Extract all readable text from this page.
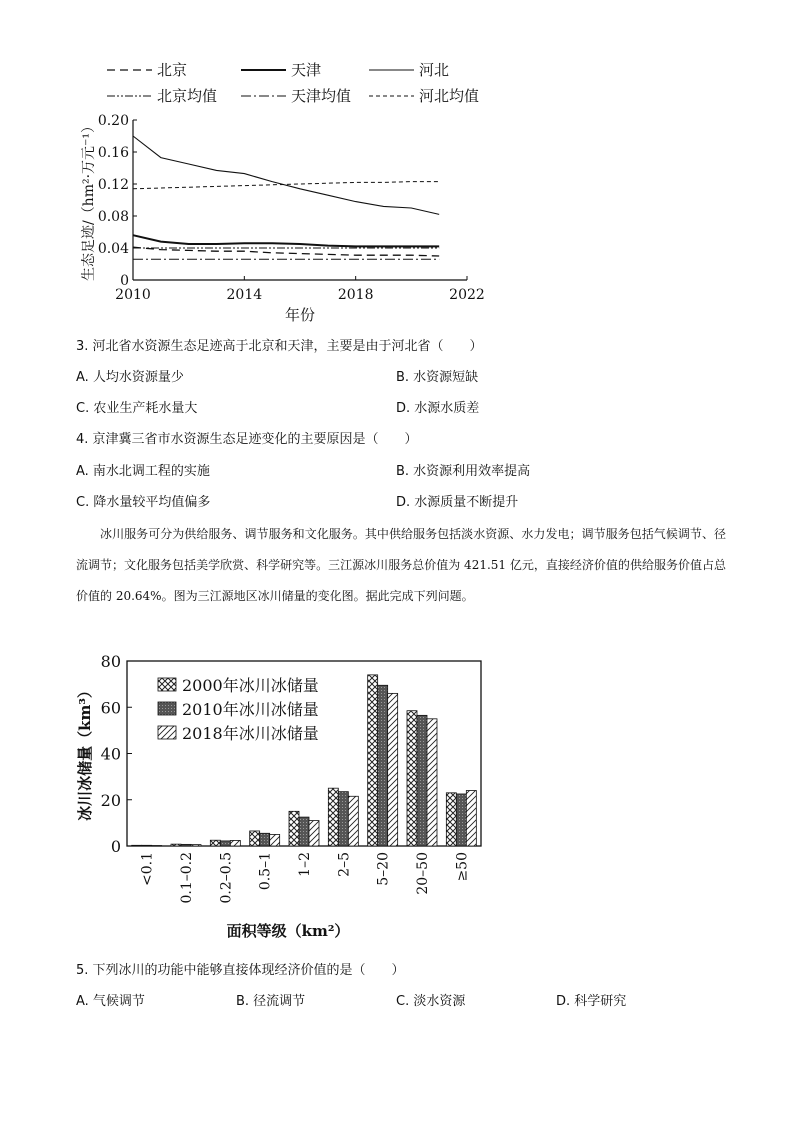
北京	天津	河北
北京均值	天津均值	河北均值
0
0.04
0.08
0.12
0.16
0.20
2010	2014	2018	2022
生态足迹/（hm²·万元⁻¹）
年份
3. 河北省水资源生态足迹高于北京和天津，主要是由于河北省（　　）
A. 人均水资源量少	B. 水资源短缺
C. 农业生产耗水量大	D. 水源水质差
4. 京津冀三省市水资源生态足迹变化的主要原因是（　　）
A. 南水北调工程的实施	B. 水资源利用效率提高
C. 降水量较平均值偏多	D. 水源质量不断提升
冰川服务可分为供给服务、调节服务和文化服务。其中供给服务包括淡水资源、水力发电；调节服务包括气候调节、径流调节；文化服务包括美学欣赏、科学研究等。三江源冰川服务总价值为 421.51 亿元，直接经济价值的供给服务价值占总价值的 20.64%。图为三江源地区冰川储量的变化图。据此完成下列问题。
0
20
40
60
80
<0.1 0.1–0.2 0.2–0.5 0.5–1 1–2 2–5 5–20 20–50 ≥50
2000年冰川冰储量
2010年冰川冰储量
2018年冰川冰储量
冰川冰储量（km³）
面积等级（km²）
5. 下列冰川的功能中能够直接体现经济价值的是（　　）
A. 气候调节	B. 径流调节	C. 淡水资源	D. 科学研究
